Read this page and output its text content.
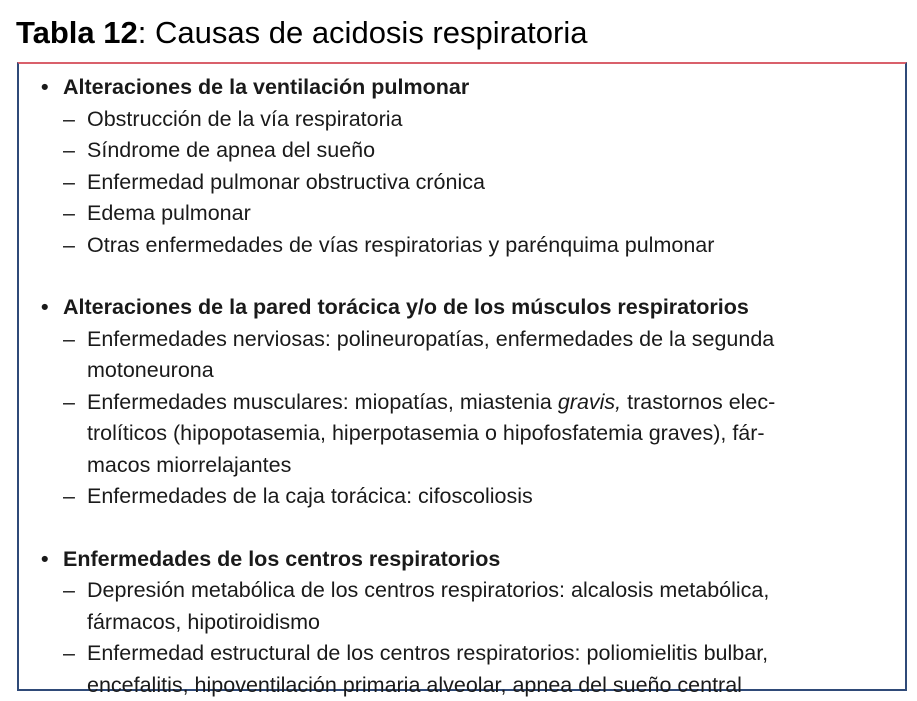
Tabla 12: Causas de acidosis respiratoria
• Alteraciones de la ventilación pulmonar
– Obstrucción de la vía respiratoria
– Síndrome de apnea del sueño
– Enfermedad pulmonar obstructiva crónica
– Edema pulmonar
– Otras enfermedades de vías respiratorias y parénquima pulmonar
• Alteraciones de la pared torácica y/o de los músculos respiratorios
– Enfermedades nerviosas: polineuropatías, enfermedades de la segunda
motoneurona
– Enfermedades musculares: miopatías, miastenia gravis, trastornos elec-
trolíticos (hipopotasemia, hiperpotasemia o hipofosfatemia graves), fár-
macos miorrelajantes
– Enfermedades de la caja torácica: cifoscoliosis
• Enfermedades de los centros respiratorios
– Depresión metabólica de los centros respiratorios: alcalosis metabólica,
fármacos, hipotiroidismo
– Enfermedad estructural de los centros respiratorios: poliomielitis bulbar,
encefalitis, hipoventilación primaria alveolar, apnea del sueño central
